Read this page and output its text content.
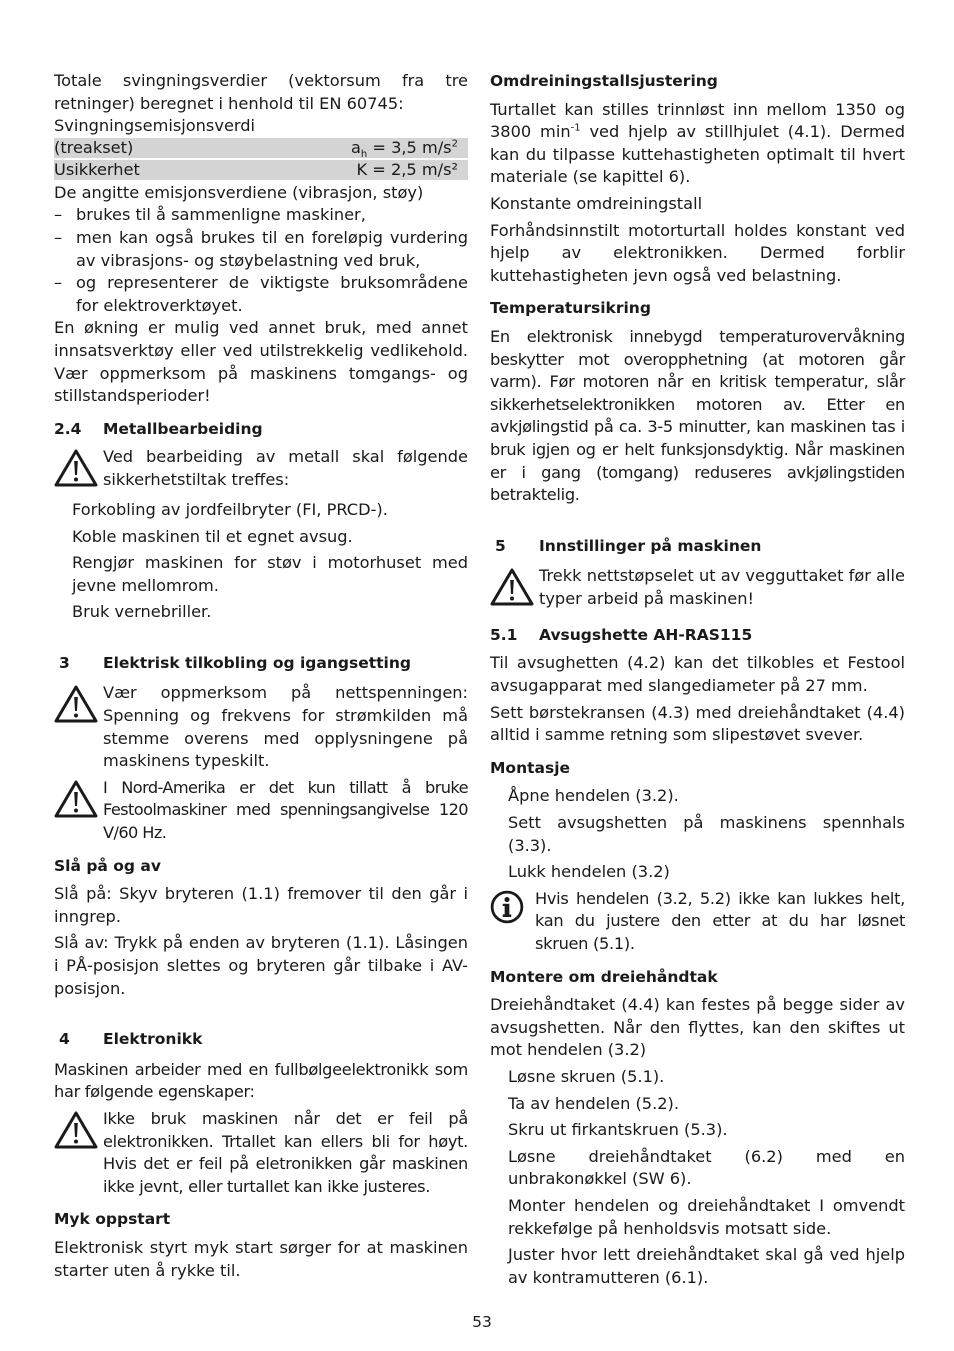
Totale svingningsverdier (vektorsum fra tre retninger) beregnet i henhold til EN 60745:

Svingningsemisjonsverdi

(treakset)	$a_h = 3,5$ $m/s^2$
Usikkerhet	K = 2,5 m/s²

De angitte emisjonsverdiene (vibrasjon, støy)

– brukes til å sammenligne maskiner,
– men kan også brukes til en foreløpig vurdering av vibrasjons- og støybelastning ved bruk,
– og representerer de viktigste bruksområdene for elektroverktøyet.

En økning er mulig ved annet bruk, med annet innsatsverktøy eller ved utilstrekkelig vedlikehold. Vær oppmerksom på maskinens tomgangs- og stillstandsperioder!

2.4	Metallbearbeiding
Ved bearbeiding av metall skal følgende sikkerhetstiltak treffes:

Forkobling av jordfeilbryter (FI, PRCD-).

Koble maskinen til et egnet avsug.

Rengjør maskinen for støv i motorhuset med jevne mellomrom.

Bruk vernebriller.

3	Elektrisk tilkobling og igangsetting
Vær oppmerksom på nettspenningen: Spenning og frekvens for strømkilden må stemme overens med opplysningene på maskinens typeskilt.
I Nord-Amerika er det kun tillatt å bruke Festoolmaskiner med spenningsangivelse 120 V/60 Hz.
Slå på og av

Slå på: Skyv bryteren (1.1) fremover til den går i inngrep.

Slå av: Trykk på enden av bryteren (1.1). Låsingen i PÅ-posisjon slettes og bryteren går tilbake i AV-posisjon.

4	Elektronikk

Maskinen arbeider med en fullbølgeelektronikk som har følgende egenskaper:

Ikke bruk maskinen når det er feil på elektronikken. Trtallet kan ellers bli for høyt. Hvis det er feil på eletronikken går maskinen ikke jevnt, eller turtallet kan ikke justeres.
Myk oppstart

Elektronisk styrt myk start sørger for at maskinen starter uten å rykke til.

Omdreiningstallsjustering

Turtallet kan stilles trinnløst inn mellom 1350 og 3800 $\min^{-1}$ ved hjelp av stillhjulet (4.1). Dermed kan du tilpasse kuttehastigheten optimalt til hvert materiale (se kapittel 6).

Konstante omdreiningstall

Forhåndsinnstilt motorturtall holdes konstant ved hjelp av elektronikken. Dermed forblir kuttehastigheten jevn også ved belastning.

Temperatursikring

En elektronisk innebygd temperaturovervåkning beskytter mot overopphetning (at motoren går varm). Før motoren når en kritisk temperatur, slår sikkerhetselektronikken motoren av. Etter en avkjølingstid på ca. 3-5 minutter, kan maskinen tas i bruk igjen og er helt funksjonsdyktig. Når maskinen er i gang (tomgang) reduseres avkjølingstiden betraktelig.

5	Innstillinger på maskinen
Trekk nettstøpselet ut av vegguttaket før alle typer arbeid på maskinen!
5.1	Avsugshette AH-RAS115

Til avsughetten (4.2) kan det tilkobles et Festool avsugapparat med slangediameter på 27 mm.

Sett børstekransen (4.3) med dreiehåndtaket (4.4) alltid i samme retning som slipestøvet svever.

Montasje

Åpne hendelen (3.2).

Sett avsugshetten på maskinens spennhals (3.3).

Lukk hendelen (3.2)

Hvis hendelen (3.2, 5.2) ikke kan lukkes helt, kan du justere den etter at du har løsnet skruen (5.1).
Montere om dreiehåndtak

Dreiehåndtaket (4.4) kan festes på begge sider av avsugshetten. Når den flyttes, kan den skiftes ut mot hendelen (3.2)

Løsne skruen (5.1).

Ta av hendelen (5.2).

Skru ut firkantskruen (5.3).

Løsne dreiehåndtaket (6.2) med en unbrakonøkkel (SW 6).

Monter hendelen og dreiehåndtaket I omvendt rekkefølge på henholdsvis motsatt side.

Juster hvor lett dreiehåndtaket skal gå ved hjelp av kontramutteren (6.1).

53
